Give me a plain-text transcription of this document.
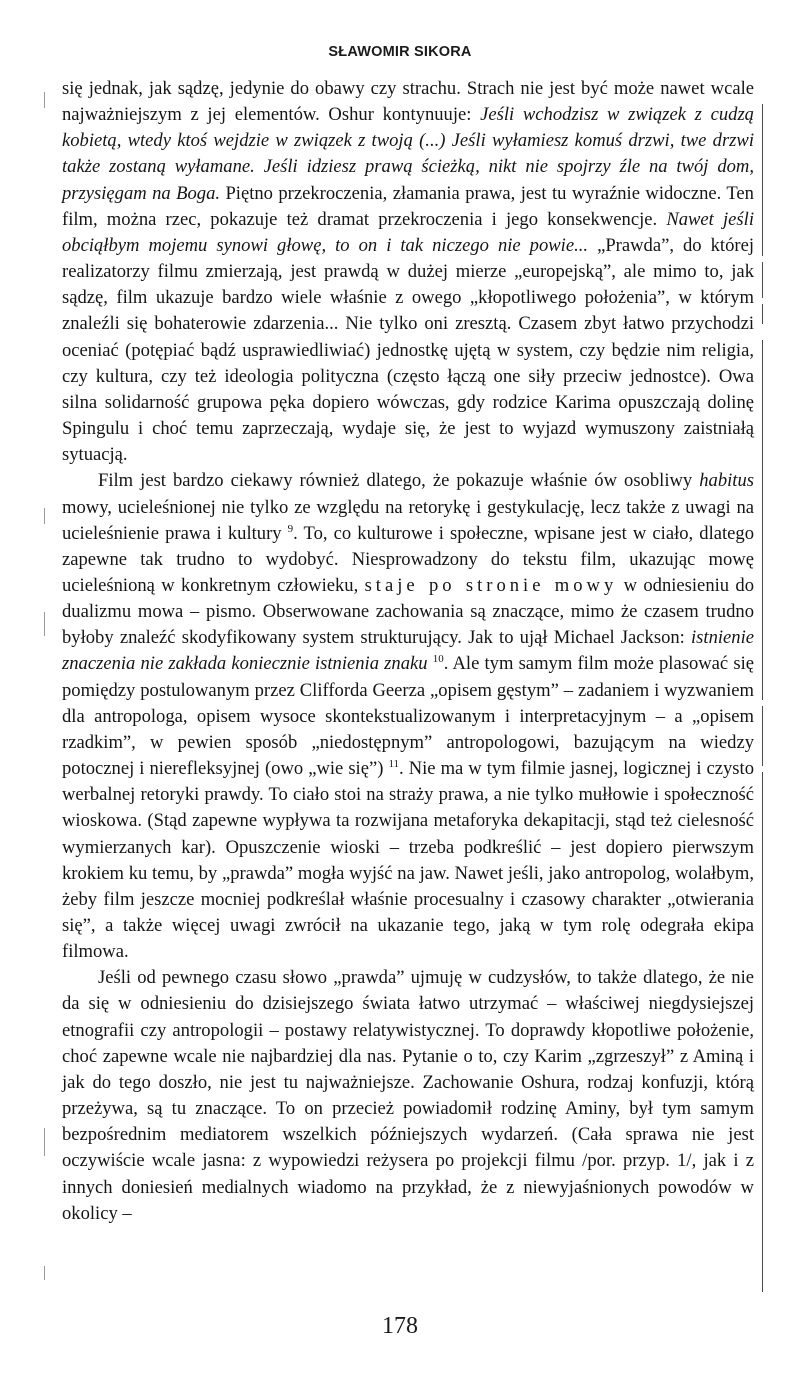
SŁAWOMIR SIKORA

się jednak, jak sądzę, jedynie do obawy czy strachu. Strach nie jest być może nawet wcale najważniejszym z jej elementów. Oshur kontynuuje: Jeśli wchodzisz w związek z cudzą kobietą, wtedy ktoś wejdzie w związek z twoją (...) Jeśli wyłamiesz komuś drzwi, twe drzwi także zostaną wyłamane. Jeśli idziesz prawą ścieżką, nikt nie spojrzy źle na twój dom, przysięgam na Boga. Piętno przekroczenia, złamania prawa, jest tu wyraźnie widoczne. Ten film, można rzec, pokazuje też dramat przekroczenia i jego konsekwencje. Nawet jeśli obciąłbym mojemu synowi głowę, to on i tak niczego nie powie... „Prawda”, do której realizatorzy filmu zmierzają, jest prawdą w dużej mierze „europejską”, ale mimo to, jak sądzę, film ukazuje bardzo wiele właśnie z owego „kłopotliwego położenia”, w którym znaleźli się bohaterowie zdarzenia... Nie tylko oni zresztą. Czasem zbyt łatwo przychodzi oceniać (potępiać bądź usprawiedliwiać) jednostkę ujętą w system, czy będzie nim religia, czy kultura, czy też ideologia polityczna (często łączą one siły przeciw jednostce). Owa silna solidarność grupowa pęka dopiero wówczas, gdy rodzice Karima opuszczają dolinę Spingulu i choć temu zaprzeczają, wydaje się, że jest to wyjazd wymuszony zaistniałą sytuacją.

Film jest bardzo ciekawy również dlatego, że pokazuje właśnie ów osobliwy habitus mowy, ucieleśnionej nie tylko ze względu na retorykę i gestykulację, lecz także z uwagi na ucieleśnienie prawa i kultury $^9$. To, co kulturowe i społeczne, wpisane jest w ciało, dlatego zapewne tak trudno to wydobyć. Niesprowadzony do tekstu film, ukazując mowę ucieleśnioną w konkretnym człowieku, staje po stronie mowy w odniesieniu do dualizmu mowa – pismo. Obserwowane zachowania są znaczące, mimo że czasem trudno byłoby znaleźć skodyfikowany system strukturujący. Jak to ujął Michael Jackson: istnienie znaczenia nie zakłada koniecznie istnienia znaku $^{10}$. Ale tym samym film może plasować się pomiędzy postulowanym przez Clifforda Geerza „opisem gęstym” – zadaniem i wyzwaniem dla antropologa, opisem wysoce skontekstualizowanym i interpretacyjnym – a „opisem rzadkim”, w pewien sposób „niedostępnym” antropologowi, bazującym na wiedzy potocznej i nierefleksyjnej (owo „wie się”) $^{11}$. Nie ma w tym filmie jasnej, logicznej i czysto werbalnej retoryki prawdy. To ciało stoi na straży prawa, a nie tylko mułłowie i społeczność wioskowa. (Stąd zapewne wypływa ta rozwijana metaforyka dekapitacji, stąd też cielesność wymierzanych kar). Opuszczenie wioski – trzeba podkreślić – jest dopiero pierwszym krokiem ku temu, by „prawda” mogła wyjść na jaw. Nawet jeśli, jako antropolog, wolałbym, żeby film jeszcze mocniej podkreślał właśnie procesualny i czasowy charakter „otwierania się”, a także więcej uwagi zwrócił na ukazanie tego, jaką w tym rolę odegrała ekipa filmowa.

Jeśli od pewnego czasu słowo „prawda” ujmuję w cudzysłów, to także dlatego, że nie da się w odniesieniu do dzisiejszego świata łatwo utrzymać – właściwej niegdysiejszej etnografii czy antropologii – postawy relatywistycznej. To doprawdy kłopotliwe położenie, choć zapewne wcale nie najbardziej dla nas. Pytanie o to, czy Karim „zgrzeszył” z Aminą i jak do tego doszło, nie jest tu najważniejsze. Zachowanie Oshura, rodzaj konfuzji, którą przeżywa, są tu znaczące. To on przecież powiadomił rodzinę Aminy, był tym samym bezpośrednim mediatorem wszelkich późniejszych wydarzeń. (Cała sprawa nie jest oczywiście wcale jasna: z wypowiedzi reżysera po projekcji filmu /por. przyp. 1/, jak i z innych doniesień medialnych wiadomo na przykład, że z niewyjaśnionych powodów w okolicy –

178
